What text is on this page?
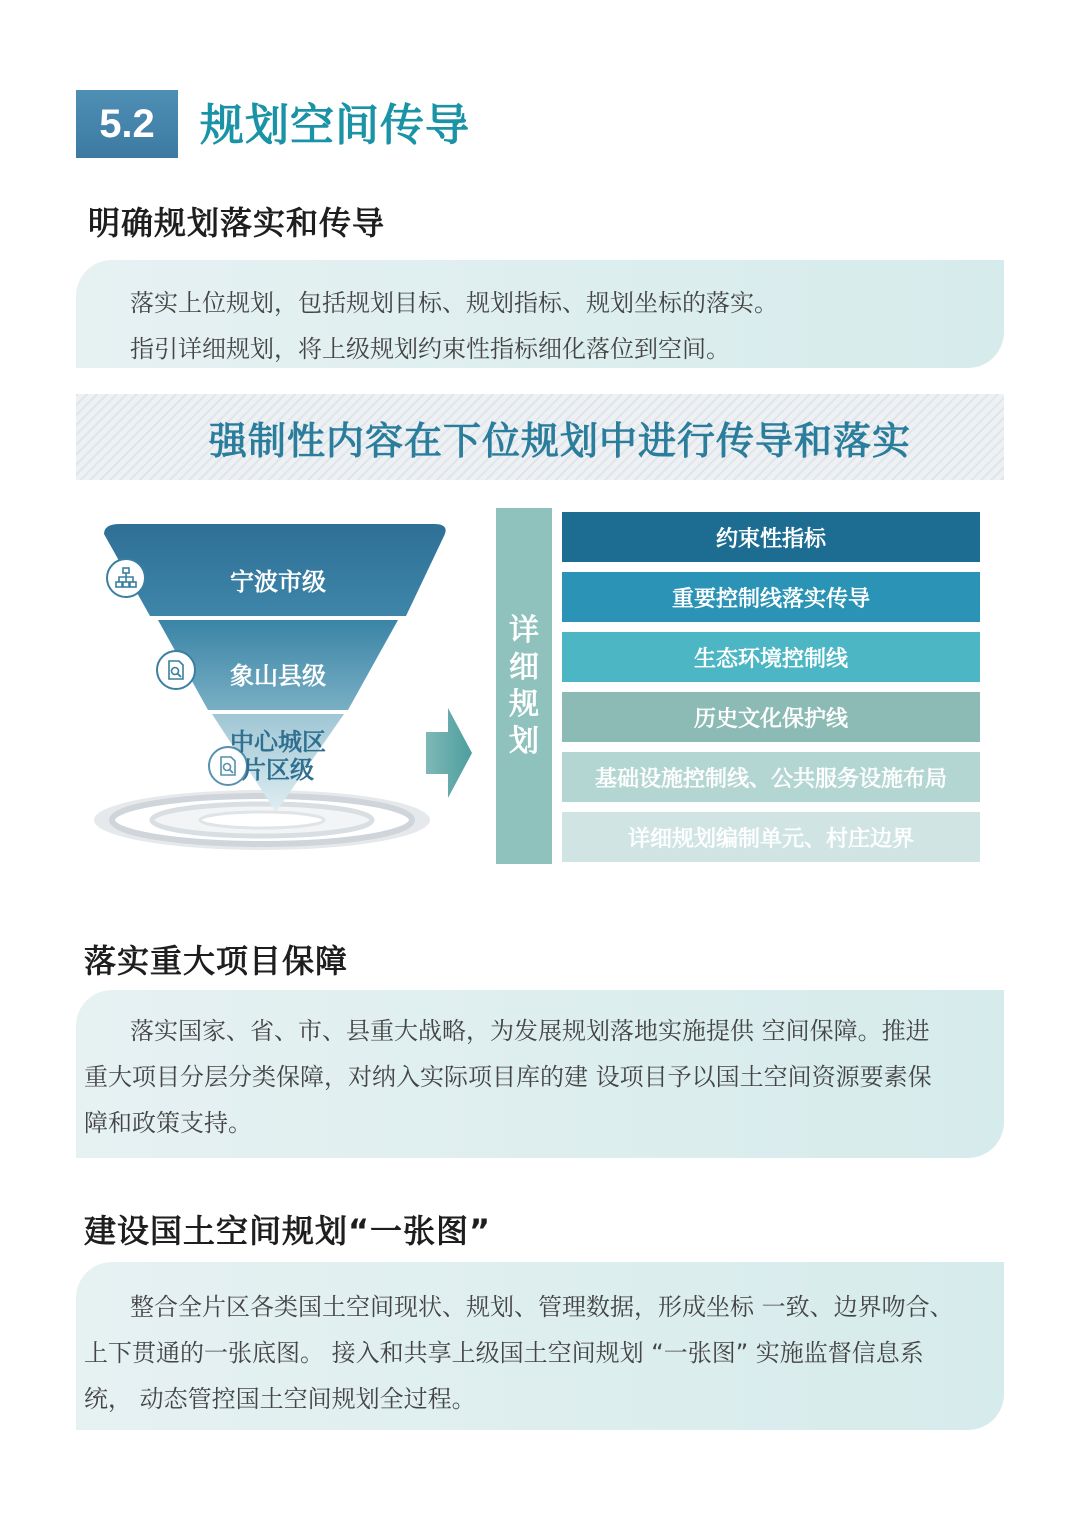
5.2	规划空间传导
明确规划落实和传导
落实上位规划，包括规划目标、规划指标、规划坐标的落实。
指引详细规划，将上级规划约束性指标细化落位到空间。
强制性内容在下位规划中进行传导和落实
宁波市级
象山县级
中心城区
片区级
详
细
规
划
约束性指标
重要控制线落实传导
生态环境控制线
历史文化保护线
基础设施控制线、公共服务设施布局
详细规划编制单元、村庄边界
落实重大项目保障
落实国家、省、市、县重大战略，为发展规划落地实施提供 空间保障。推进
重大项目分层分类保障，对纳入实际项目库的建 设项目予以国土空间资源要素保
障和政策支持。
建设国土空间规划“一张图”
整合全片区各类国土空间现状、规划、管理数据，形成坐标 一致、边界吻合、
上下贯通的一张底图。 接入和共享上级国土空间规划 “一张图” 实施监督信息系
统， 动态管控国土空间规划全过程。
